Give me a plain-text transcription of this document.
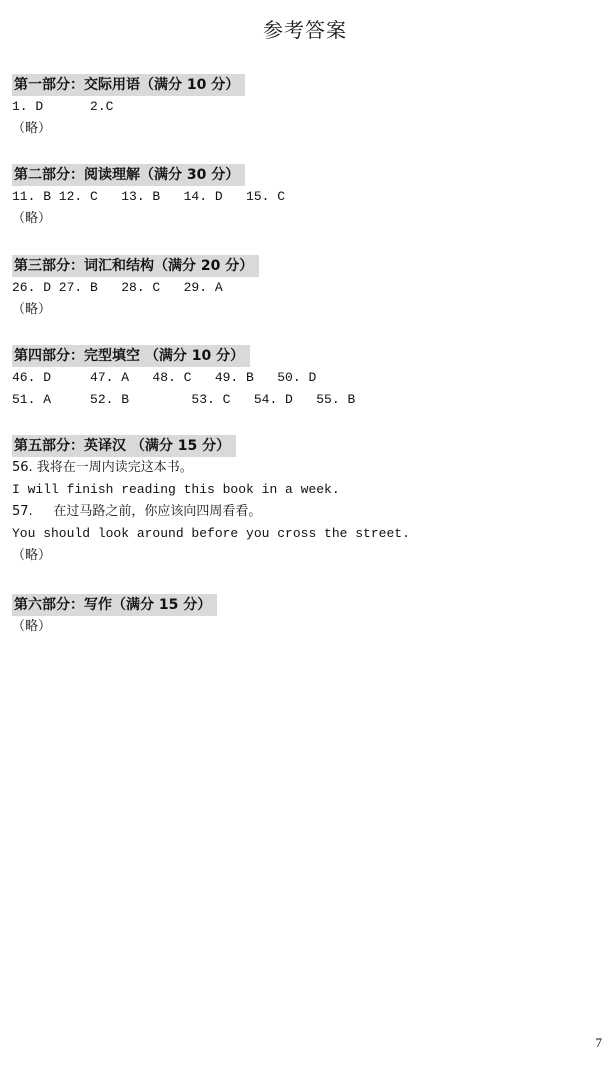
参考答案
第一部分：交际用语（满分 10 分）
1. D      2.C
（略）
第二部分：阅读理解（满分 30 分）
11. B 12. C   13. B   14. D   15. C
（略）
第三部分：词汇和结构（满分 20 分）
26. D 27. B   28. C   29. A
（略）
第四部分：完型填空 （满分 10 分）
46. D     47. A   48. C   49. B   50. D
51. A     52. B        53. C   54. D   55. B
第五部分：英译汉 （满分 15 分）
56. 我将在一周内读完这本书。
I will finish reading this book in a week.
57.     在过马路之前，你应该向四周看看。
You should look around before you cross the street.
（略）
第六部分：写作（满分 15 分）
（略）
7
